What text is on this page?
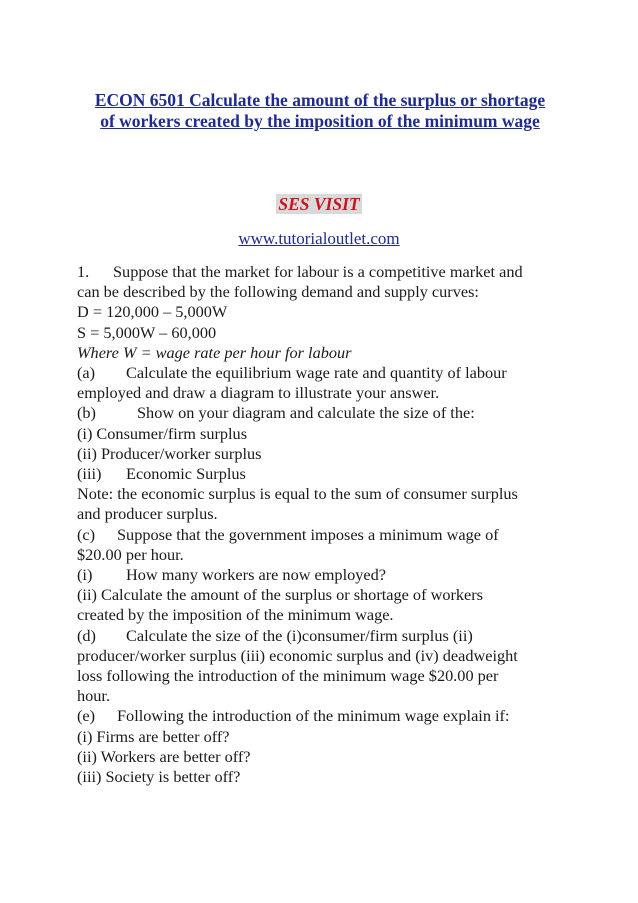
ECON 6501 Calculate the amount of the surplus or shortage of workers created by the imposition of the minimum wage
SES VISIT
www.tutorialoutlet.com

1. Suppose that the market for labour is a competitive market and

can be described by the following demand and supply curves:

D = 120,000 – 5,000W

S = 5,000W – 60,000

Where W = wage rate per hour for labour

(a) Calculate the equilibrium wage rate and quantity of labour

employed and draw a diagram to illustrate your answer.

(b)	Show on your diagram and calculate the size of the:

(i) Consumer/firm surplus

(ii) Producer/worker surplus

(iii) Economic Surplus

Note: the economic surplus is equal to the sum of consumer surplus

and producer surplus.

(c) Suppose that the government imposes a minimum wage of

$20.00 per hour.

(i) How many workers are now employed?

(ii) Calculate the amount of the surplus or shortage of workers

created by the imposition of the minimum wage.

(d) Calculate the size of the (i)consumer/firm surplus (ii)

producer/worker surplus (iii) economic surplus and (iv) deadweight

loss following the introduction of the minimum wage $20.00 per

hour.

(e) Following the introduction of the minimum wage explain if:

(i) Firms are better off?

(ii) Workers are better off?

(iii) Society is better off?
